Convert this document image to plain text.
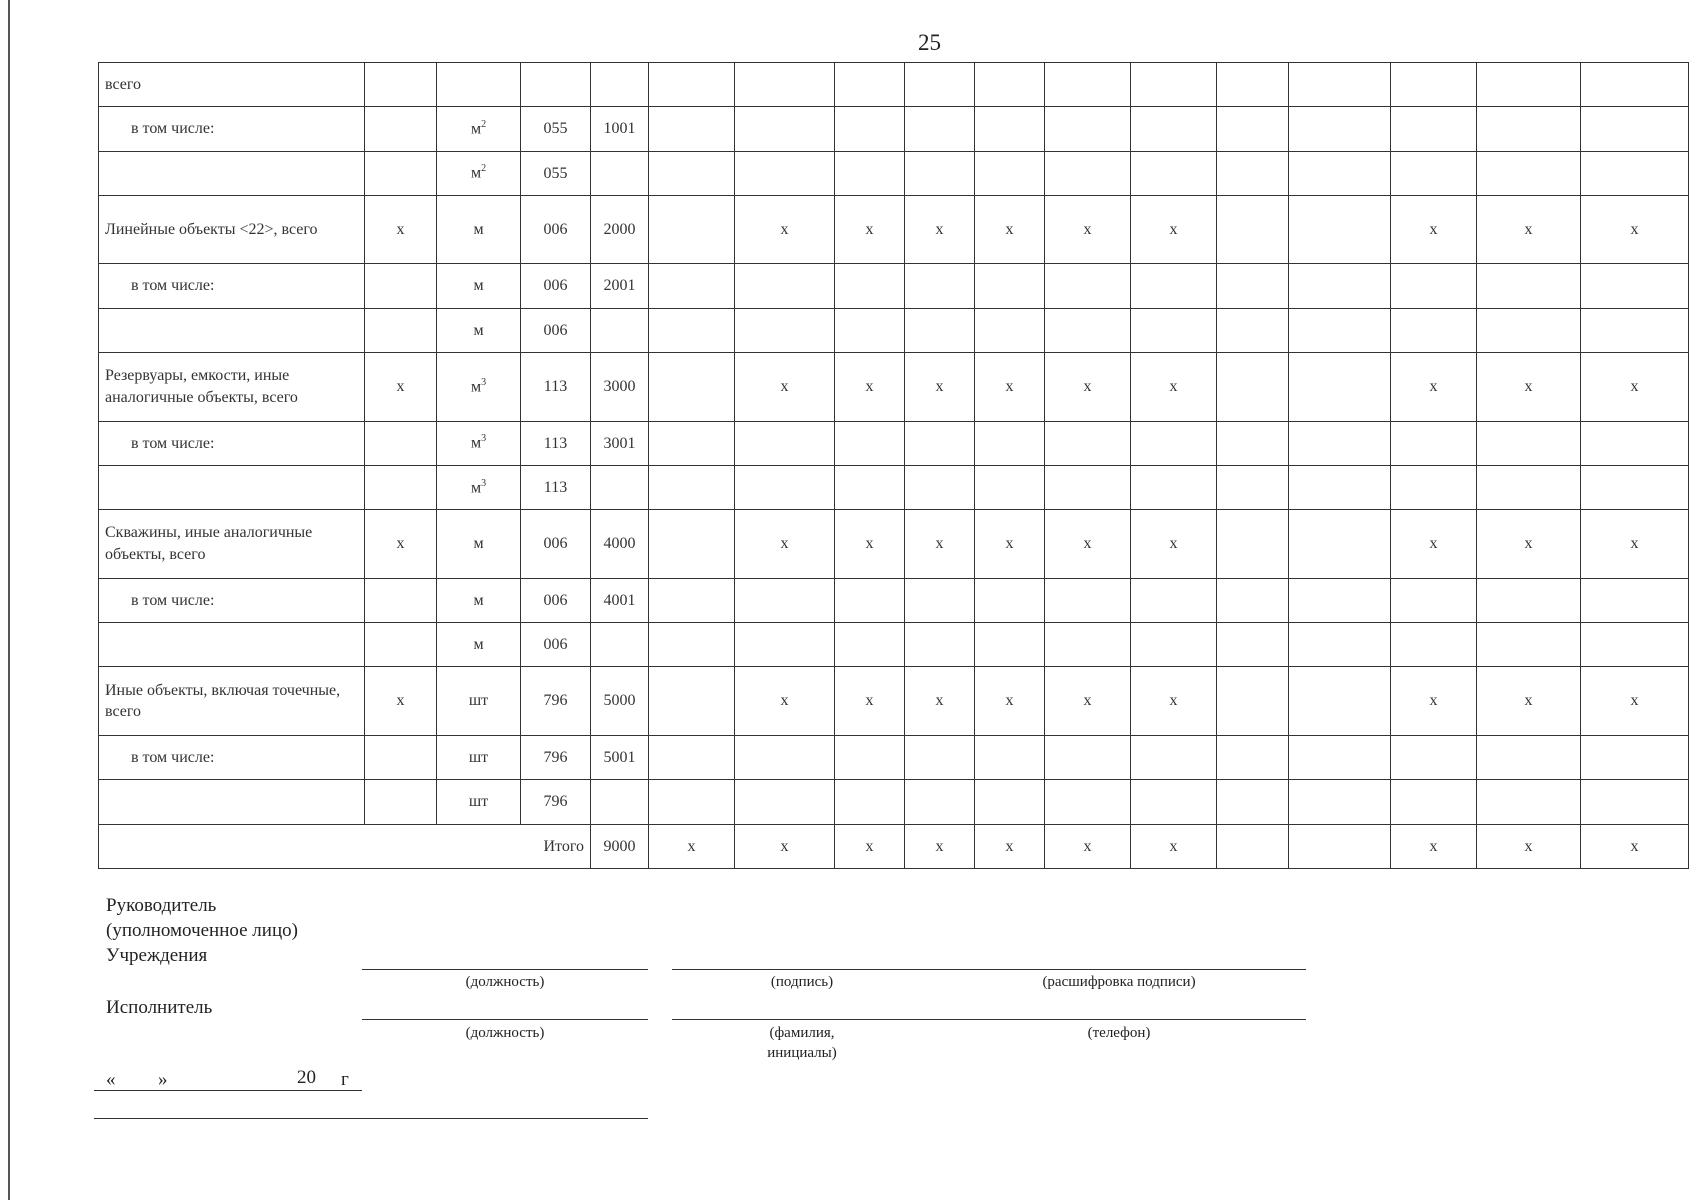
25
всего																
в том числе:		$м^2$	055	1001												
		$м^2$	055													
Линейные объекты <22>, всего	х	м	006	2000		х	х	х	х	х	х			х	х	х
в том числе:		м	006	2001												
		м	006													
Резервуары, емкости, иные аналогичные объекты, всего	х	$м^3$	113	3000		х	х	х	х	х	х			х	х	х
в том числе:		$м^3$	113	3001												
		$м^3$	113													
Скважины, иные аналогичные объекты, всего	х	м	006	4000		х	х	х	х	х	х			х	х	х
в том числе:		м	006	4001												
		м	006													
Иные объекты, включая точечные, всего	х	шт	796	5000		х	х	х	х	х	х			х	х	х
в том числе:		шт	796	5001												
		шт	796													
Итого				9000	х	х	х	х	х	х	х			х	х	х
Руководитель
(уполномоченное лицо)
Учреждения
(должность)	(подпись)	(расшифровка подписи)
Исполнитель
(должность)	(фамилия,
инициалы)
(телефон)
« »	20 г
